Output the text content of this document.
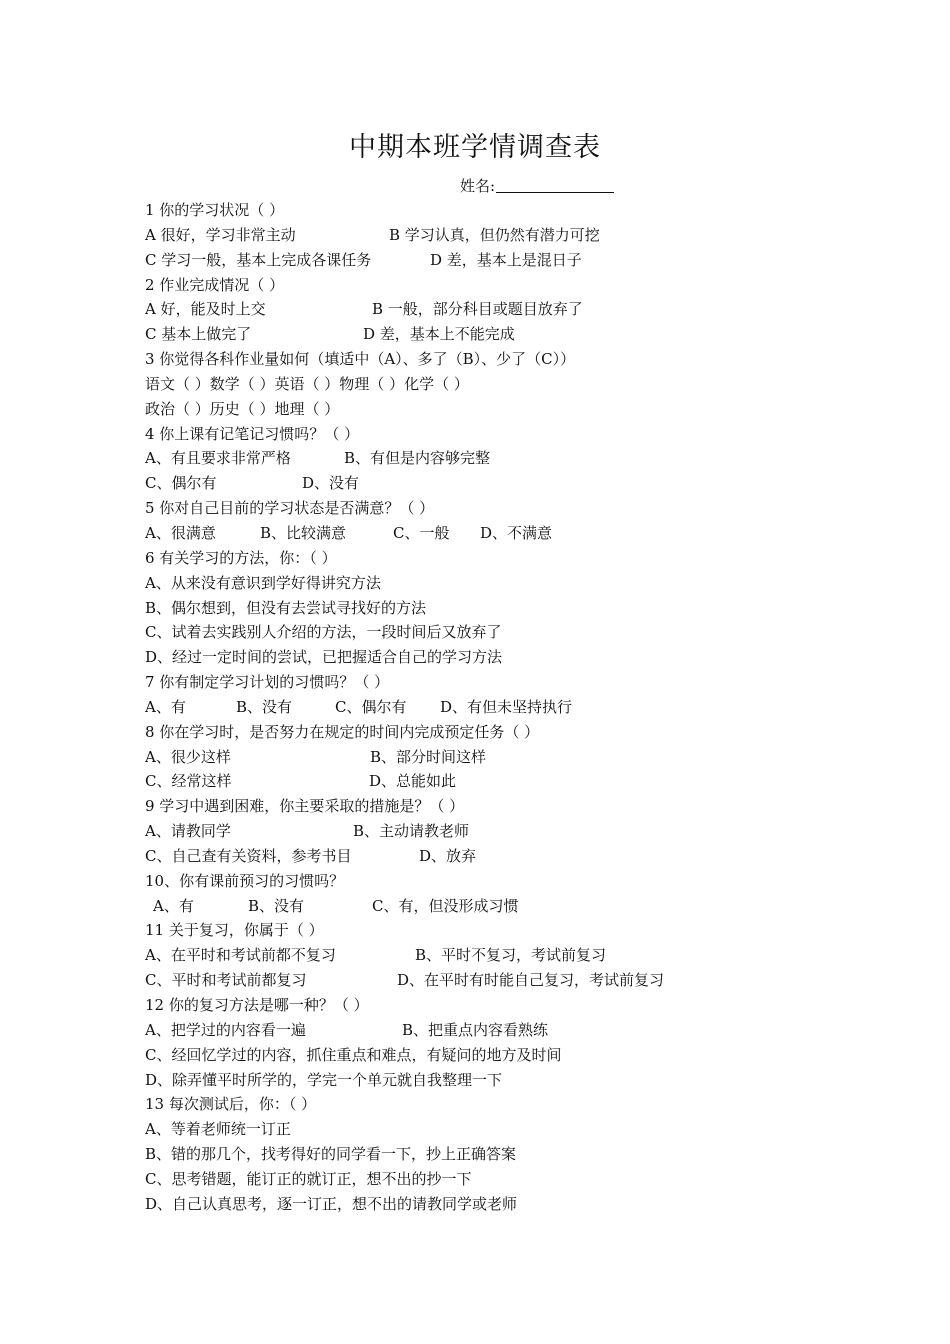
中期本班学情调查表
姓名:
1 你的学习状况（ ）
A 很好，学习非常主动	B 学习认真，但仍然有潜力可挖
C 学习一般，基本上完成各课任务	D 差，基本上是混日子
2 作业完成情况（ ）
A 好，能及时上交	B 一般，部分科目或题目放弃了
C 基本上做完了	D 差，基本上不能完成
3 你觉得各科作业量如何（填适中（A）、多了（B）、少了（C））
语文（ ）数学（ ）英语（ ）物理（ ）化学（ ）
政治（ ）历史（ ）地理（ ）
4 你上课有记笔记习惯吗？（ ）
A、有且要求非常严格	B、有但是内容够完整
C、偶尔有	D、没有
5 你对自己目前的学习状态是否满意？（ ）
A、很满意	B、比较满意	C、一般 D、不满意
6 有关学习的方法，你：（ ）
A、从来没有意识到学好得讲究方法
B、偶尔想到，但没有去尝试寻找好的方法
C、试着去实践别人介绍的方法，一段时间后又放弃了
D、经过一定时间的尝试，已把握适合自己的学习方法
7 你有制定学习计划的习惯吗？（ ）
A、有	B、没有	C、偶尔有 D、有但未坚持执行
8 你在学习时，是否努力在规定的时间内完成预定任务（ ）
A、很少这样	B、部分时间这样
C、经常这样	D、总能如此
9 学习中遇到困难，你主要采取的措施是？（ ）
A、请教同学	B、主动请教老师
C、自己查有关资料，参考书目	D、放弃
10、你有课前预习的习惯吗？
A、有	B、没有	C、有，但没形成习惯
11 关于复习，你属于（ ）
A、在平时和考试前都不复习	B、平时不复习，考试前复习
C、平时和考试前都复习	D、在平时有时能自己复习，考试前复习
12 你的复习方法是哪一种？（ ）
A、把学过的内容看一遍	B、把重点内容看熟练
C、经回忆学过的内容，抓住重点和难点，有疑问的地方及时间
D、除弄懂平时所学的，学完一个单元就自我整理一下
13 每次测试后，你：（ ）
A、等着老师统一订正
B、错的那几个，找考得好的同学看一下，抄上正确答案
C、思考错题，能订正的就订正，想不出的抄一下
D、自己认真思考，逐一订正，想不出的请教同学或老师
